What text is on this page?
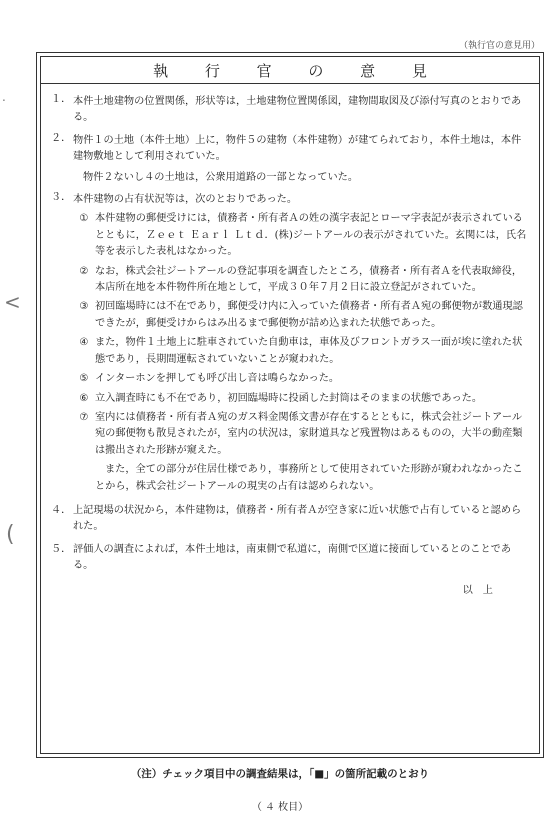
（執行官の意見用）
<
(
.
執 行 官 の 意 見
１． 本件土地建物の位置関係，形状等は，土地建物位置関係図，建物間取図及び添付写真のとおりである。
２． 物件１の土地（本件土地）上に，物件５の建物（本件建物）が建てられており，本件土地は，本件建物敷地として利用されていた。
物件２ないし４の土地は，公衆用道路の一部となっていた。
３． 本件建物の占有状況等は，次のとおりであった。
① 本件建物の郵便受けには，債務者・所有者Ａの姓の漢字表記とローマ字表記が表示されているとともに，Ｚｅｅｔ Ｅａｒｌ Ｌｔｄ．(株)ジートアールの表示がされていた。玄関には，氏名等を表示した表札はなかった。
② なお，株式会社ジートアールの登記事項を調査したところ，債務者・所有者Ａを代表取締役，本店所在地を本件物件所在地として，平成３０年７月２日に設立登記がされていた。
③ 初回臨場時には不在であり，郵便受け内に入っていた債務者・所有者Ａ宛の郵便物が数通現認できたが，郵便受けからはみ出るまで郵便物が詰め込まれた状態であった。
④ また，物件１土地上に駐車されていた自動車は，車体及びフロントガラス一面が埃に塗れた状態であり，長期間運転されていないことが窺われた。
⑤ インターホンを押しても呼び出し音は鳴らなかった。
⑥ 立入調査時にも不在であり，初回臨場時に投函した封筒はそのままの状態であった。
⑦ 室内には債務者・所有者Ａ宛のガス料金関係文書が存在するとともに，株式会社ジートアール宛の郵便物も散見されたが，室内の状況は，家財道具など残置物はあるものの，大半の動産類は搬出された形跡が窺えた。
また，全ての部分が住居仕様であり，事務所として使用されていた形跡が窺われなかったことから，株式会社ジートアールの現実の占有は認められない。
４． 上記現場の状況から，本件建物は，債務者・所有者Ａが空き家に近い状態で占有していると認められた。
５． 評価人の調査によれば，本件土地は，南東側で私道に，南側で区道に接面しているとのことである。
以上
（注）チェック項目中の調査結果は，「■」の箇所記載のとおり
（ ４ 枚目）
